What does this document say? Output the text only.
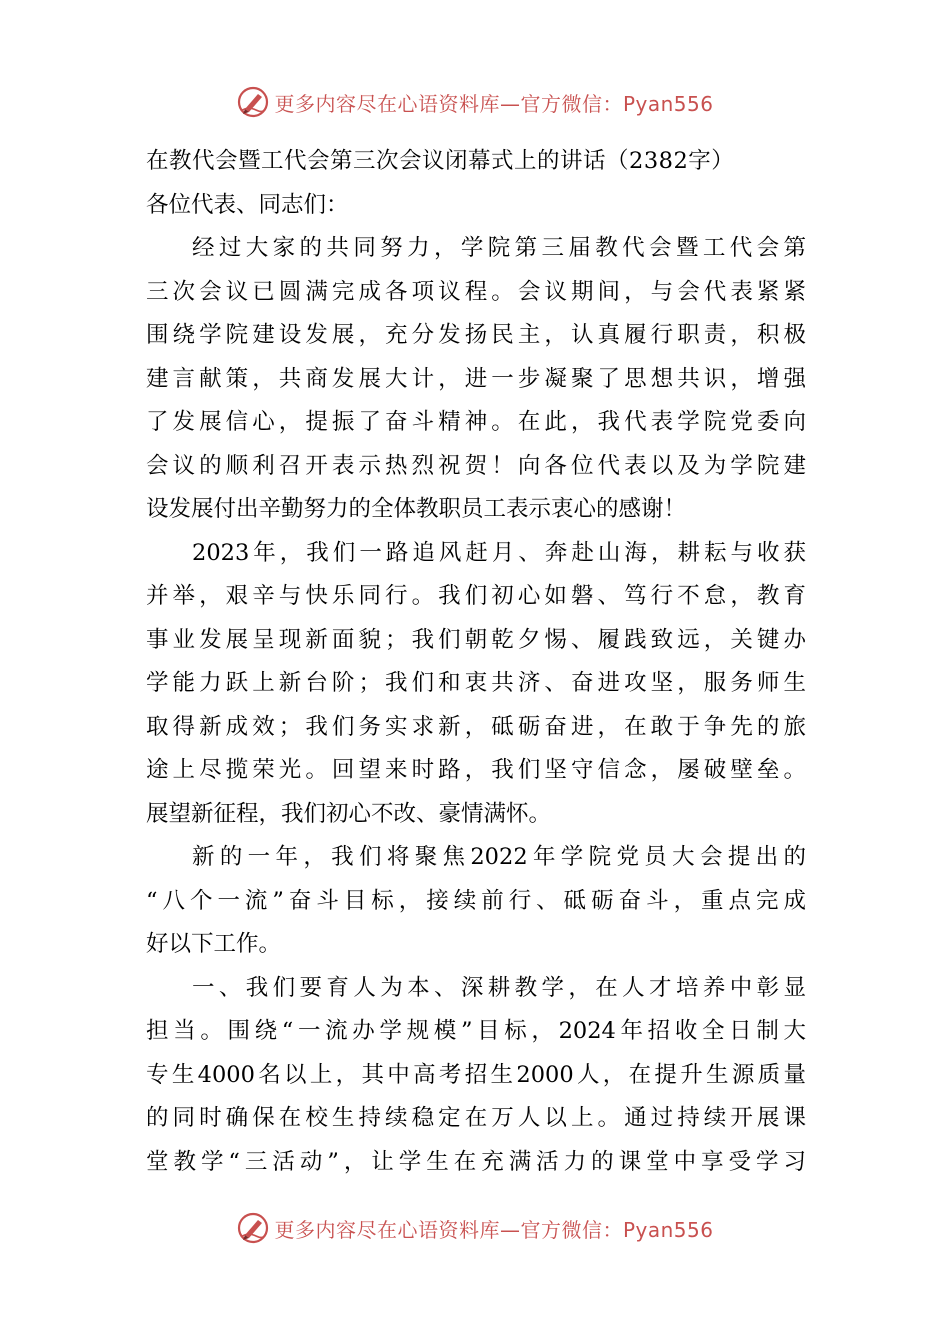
更多内容尽在心语资料库—官方微信：Pyan556
在教代会暨工代会第三次会议闭幕式上的讲话（2382字）
各位代表、同志们：
经过大家的共同努力，学院第三届教代会暨工代会第
三次会议已圆满完成各项议程。会议期间，与会代表紧紧
围绕学院建设发展，充分发扬民主，认真履行职责，积极
建言献策，共商发展大计，进一步凝聚了思想共识，增强
了发展信心，提振了奋斗精神。在此，我代表学院党委向
会议的顺利召开表示热烈祝贺！向各位代表以及为学院建
设发展付出辛勤努力的全体教职员工表示衷心的感谢！
2023年，我们一路追风赶月、奔赴山海，耕耘与收获
并举，艰辛与快乐同行。我们初心如磐、笃行不怠，教育
事业发展呈现新面貌；我们朝乾夕惕、履践致远，关键办
学能力跃上新台阶；我们和衷共济、奋进攻坚，服务师生
取得新成效；我们务实求新，砥砺奋进，在敢于争先的旅
途上尽揽荣光。回望来时路，我们坚守信念，屡破壁垒。
展望新征程，我们初心不改、豪情满怀。
新的一年，我们将聚焦2022年学院党员大会提出的
“八个一流”奋斗目标，接续前行、砥砺奋斗，重点完成
好以下工作。
一、我们要育人为本、深耕教学，在人才培养中彰显
担当。围绕“一流办学规模”目标，2024年招收全日制大
专生4000名以上，其中高考招生2000人，在提升生源质量
的同时确保在校生持续稳定在万人以上。通过持续开展课
堂教学“三活动”，让学生在充满活力的课堂中享受学习
更多内容尽在心语资料库—官方微信：Pyan556
